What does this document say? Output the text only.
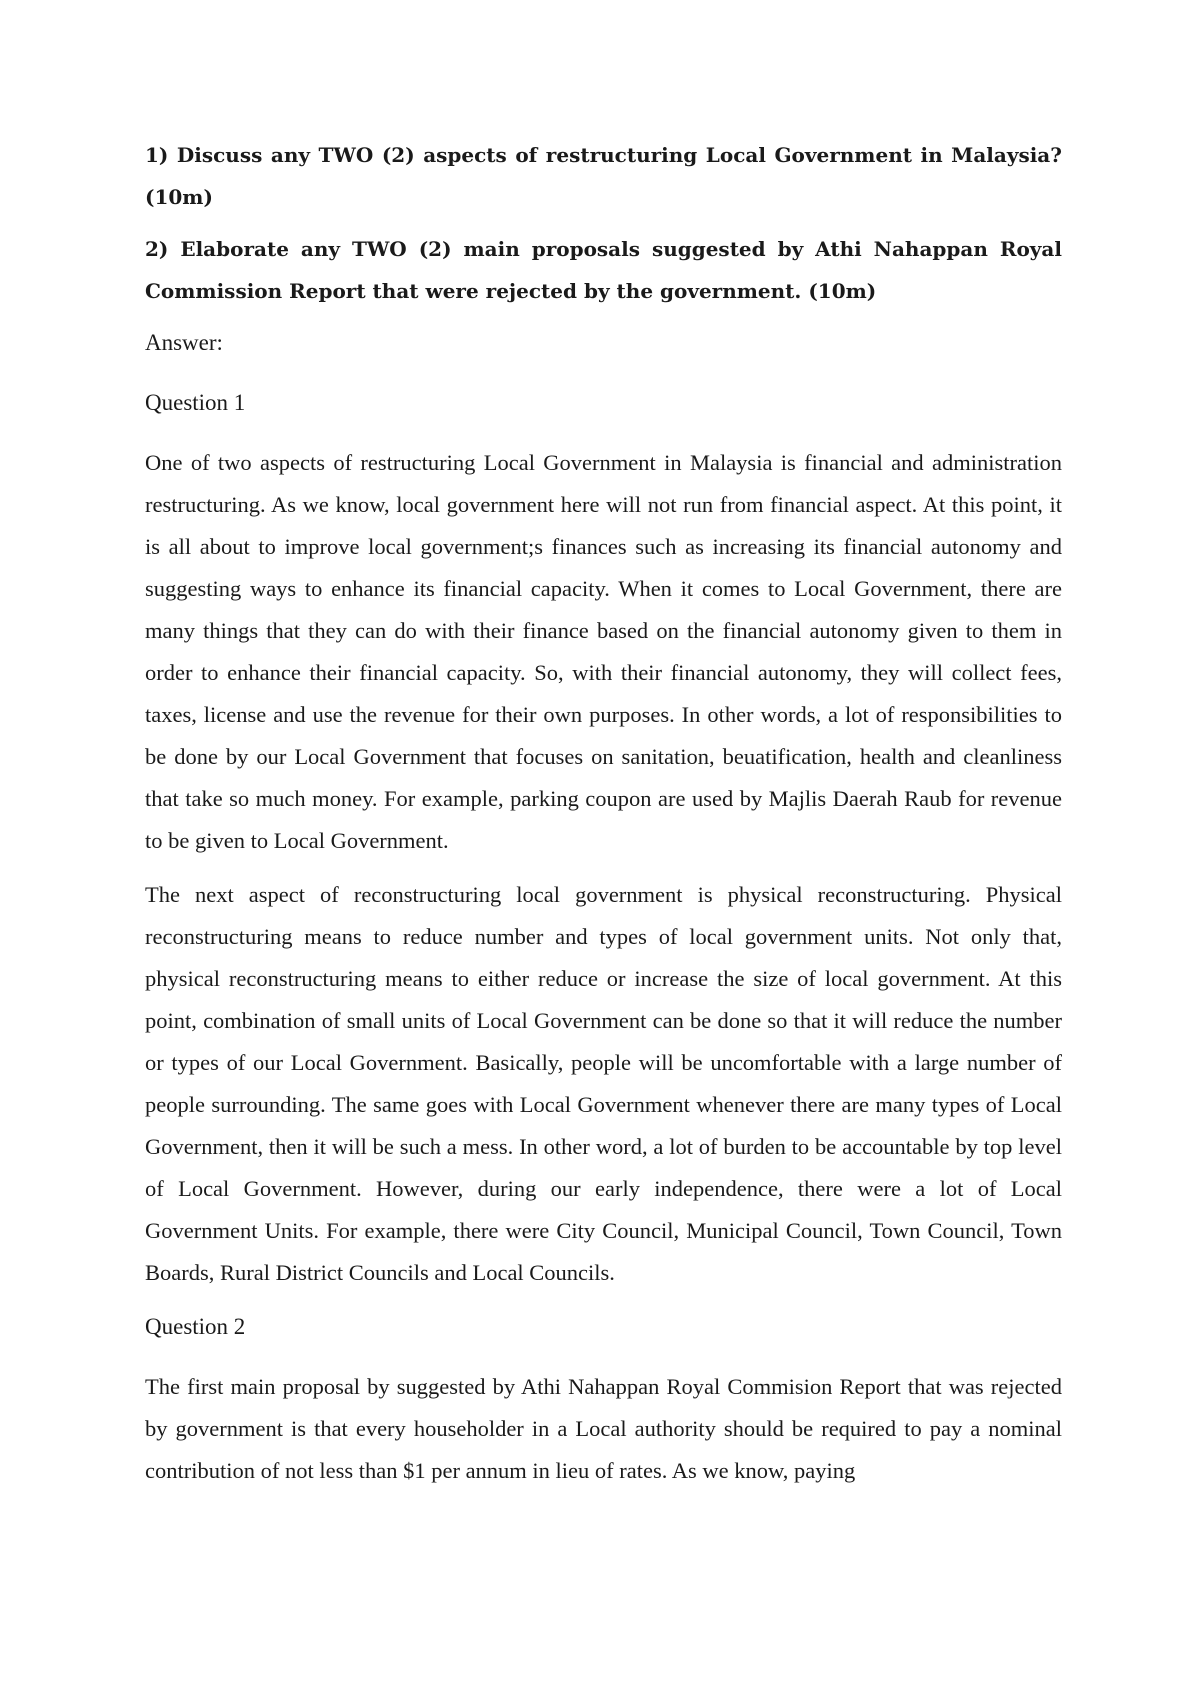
1) Discuss any TWO (2) aspects of restructuring Local Government in Malaysia? (10m)

2) Elaborate any TWO (2) main proposals suggested by Athi Nahappan Royal Commission Report that were rejected by the government. (10m)

Answer:

Question 1

One of two aspects of restructuring Local Government in Malaysia is financial and administration restructuring. As we know, local government here will not run from financial aspect. At this point, it is all about to improve local government;s finances such as increasing its financial autonomy and suggesting ways to enhance its financial capacity. When it comes to Local Government, there are many things that they can do with their finance based on the financial autonomy given to them in order to enhance their financial capacity. So, with their financial autonomy, they will collect fees, taxes, license and use the revenue for their own purposes. In other words, a lot of responsibilities to be done by our Local Government that focuses on sanitation, beuatification, health and cleanliness that take so much money. For example, parking coupon are used by Majlis Daerah Raub for revenue to be given to Local Government.

The next aspect of reconstructuring local government is physical reconstructuring. Physical reconstructuring means to reduce number and types of local government units. Not only that, physical reconstructuring means to either reduce or increase the size of local government. At this point, combination of small units of Local Government can be done so that it will reduce the number or types of our Local Government. Basically, people will be uncomfortable with a large number of people surrounding. The same goes with Local Government whenever there are many types of Local Government, then it will be such a mess. In other word, a lot of burden to be accountable by top level of Local Government. However, during our early independence, there were a lot of Local Government Units. For example, there were City Council, Municipal Council, Town Council, Town Boards, Rural District Councils and Local Councils.

Question 2

The first main proposal by suggested by Athi Nahappan Royal Commision Report that was rejected by government is that every householder in a Local authority should be required to pay a nominal contribution of not less than $1 per annum in lieu of rates. As we know, paying
